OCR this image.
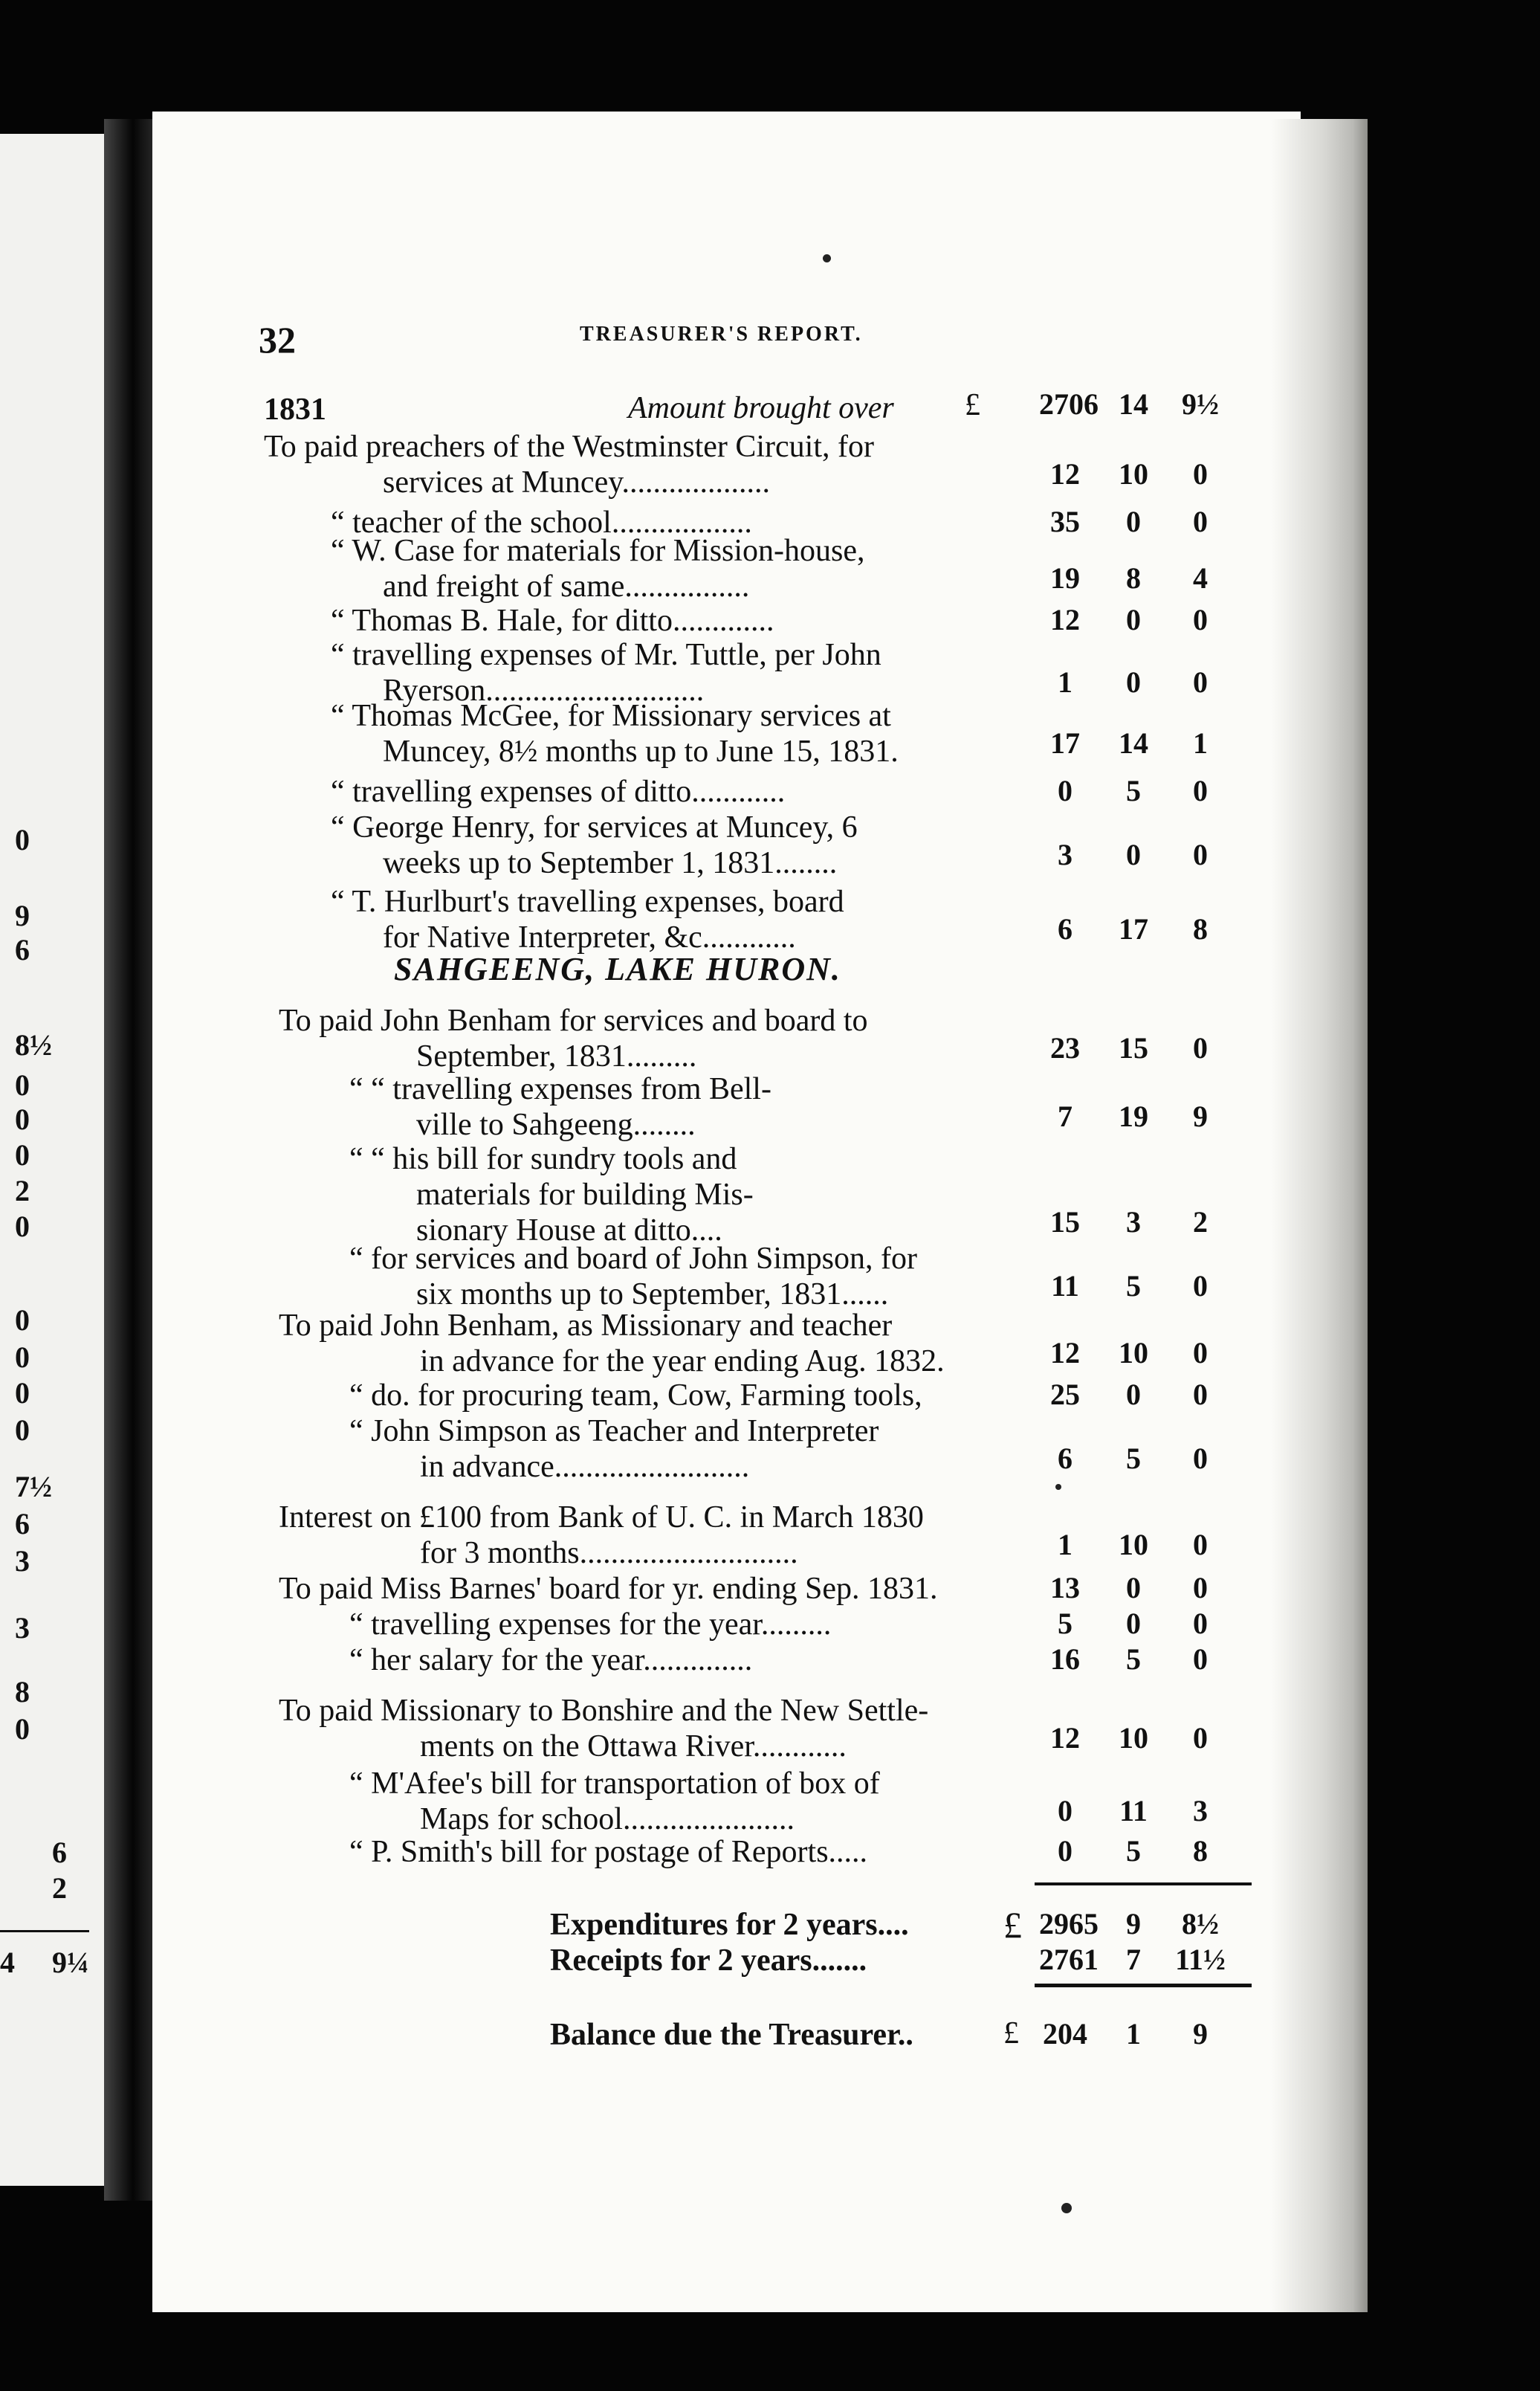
32	TREASURER'S REPORT.
1831	Amount brought over £ 2706 14	9½
To paid preachers of the Westminster Circuit, for
services at Muncey...................	12	10	0
“ teacher of the school..................	35	0	0
“ W. Case for materials for Mission-house,
and freight of same................	19	8	4
“ Thomas B. Hale, for ditto.............	12	0	0
“ travelling expenses of Mr. Tuttle, per John
Ryerson............................	1	0	0
“ Thomas McGee, for Missionary services at
Muncey, 8½ months up to June 15, 1831.	17	14	1
“ travelling expenses of ditto............	0	5	0
“ George Henry, for services at Muncey, 6
weeks up to September 1, 1831........	3	0	0
“ T. Hurlburt's travelling expenses, board
for Native Interpreter, &c............	6	17	8
SAHGEENG, LAKE HURON.
To paid John Benham for services and board to
September, 1831.........	23	15	0
“ “ travelling expenses from Bell-
ville to Sahgeeng........	7	19	9
“ “ his bill for sundry tools and
materials for building Mis-
sionary House at ditto....	15	3	2
“ for services and board of John Simpson, for
six months up to September, 1831......	11	5	0
To paid John Benham, as Missionary and teacher
in advance for the year ending Aug. 1832.	12	10	0
“ do. for procuring team, Cow, Farming tools,	25	0	0
“ John Simpson as Teacher and Interpreter
in advance.........................	6	5	0
Interest on £100 from Bank of U. C. in March 1830
for 3 months............................	1	10	0
To paid Miss Barnes' board for yr. ending Sep. 1831.	13	0	0
“ travelling expenses for the year.........	5	0	0
“ her salary for the year..............	16	5	0
To paid Missionary to Bonshire and the New Settle-
ments on the Ottawa River............	12	10	0
“ M'Afee's bill for transportation of box of
Maps for school......................	0	11	3
“ P. Smith's bill for postage of Reports.....	0	5	8
Expenditures for 2 years....	£ 2965 9	8½
Receipts for 2 years.......	2761 7	11½
Balance due the Treasurer..	£ 204	1	9
0
9
6
8½
0
0
0
2
0
0
0
0
0
7½
6
3
3
8
0
6
2
9¼
4
